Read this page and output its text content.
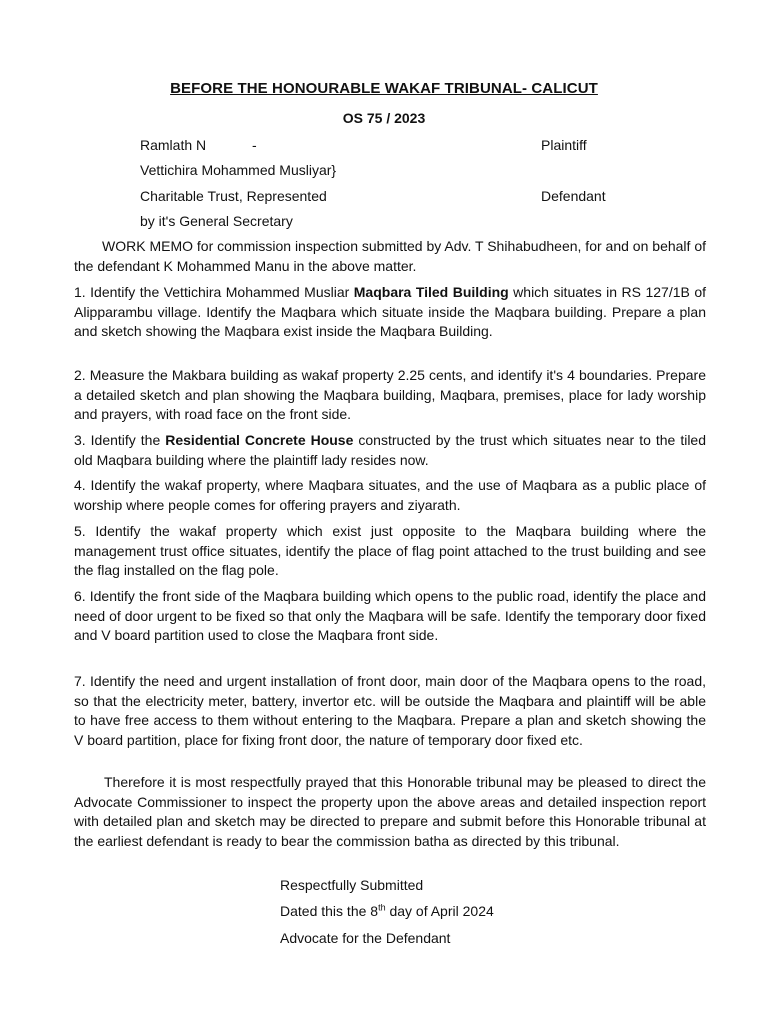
BEFORE THE HONOURABLE WAKAF TRIBUNAL- CALICUT
OS 75 / 2023
Ramlath N	-	Plaintiff
Vettichira Mohammed Musliyar}
Charitable Trust, Represented	Defendant
by it's General Secretary

WORK MEMO for commission inspection submitted by Adv. T Shihabudheen, for and on behalf of the defendant K Mohammed Manu in the above matter.

1. Identify the Vettichira Mohammed Musliar Maqbara Tiled Building which situates in RS 127/1B of Alipparambu village. Identify the Maqbara which situate inside the Maqbara building. Prepare a plan and sketch showing the Maqbara exist inside the Maqbara Building.

2. Measure the Makbara building as wakaf property 2.25 cents, and identify it's 4 boundaries. Prepare a detailed sketch and plan showing the Maqbara building, Maqbara, premises, place for lady worship and prayers, with road face on the front side.

3. Identify the Residential Concrete House constructed by the trust which situates near to the tiled old Maqbara building where the plaintiff lady resides now.

4. Identify the wakaf property, where Maqbara situates, and the use of Maqbara as a public place of worship where people comes for offering prayers and ziyarath.

5. Identify the wakaf property which exist just opposite to the Maqbara building where the management trust office situates, identify the place of flag point attached to the trust building and see the flag installed on the flag pole.

6. Identify the front side of the Maqbara building which opens to the public road, identify the place and need of door urgent to be fixed so that only the Maqbara will be safe. Identify the temporary door fixed and V board partition used to close the Maqbara front side.

7. Identify the need and urgent installation of front door, main door of the Maqbara opens to the road, so that the electricity meter, battery, invertor etc. will be outside the Maqbara and plaintiff will be able to have free access to them without entering to the Maqbara. Prepare a plan and sketch showing the V board partition, place for fixing front door, the nature of temporary door fixed etc.

Therefore it is most respectfully prayed that this Honorable tribunal may be pleased to direct the Advocate Commissioner to inspect the property upon the above areas and detailed inspection report with detailed plan and sketch may be directed to prepare and submit before this Honorable tribunal at the earliest defendant is ready to bear the commission batha as directed by this tribunal.

Respectfully Submitted
Dated this the 8th day of April 2024
Advocate for the Defendant
